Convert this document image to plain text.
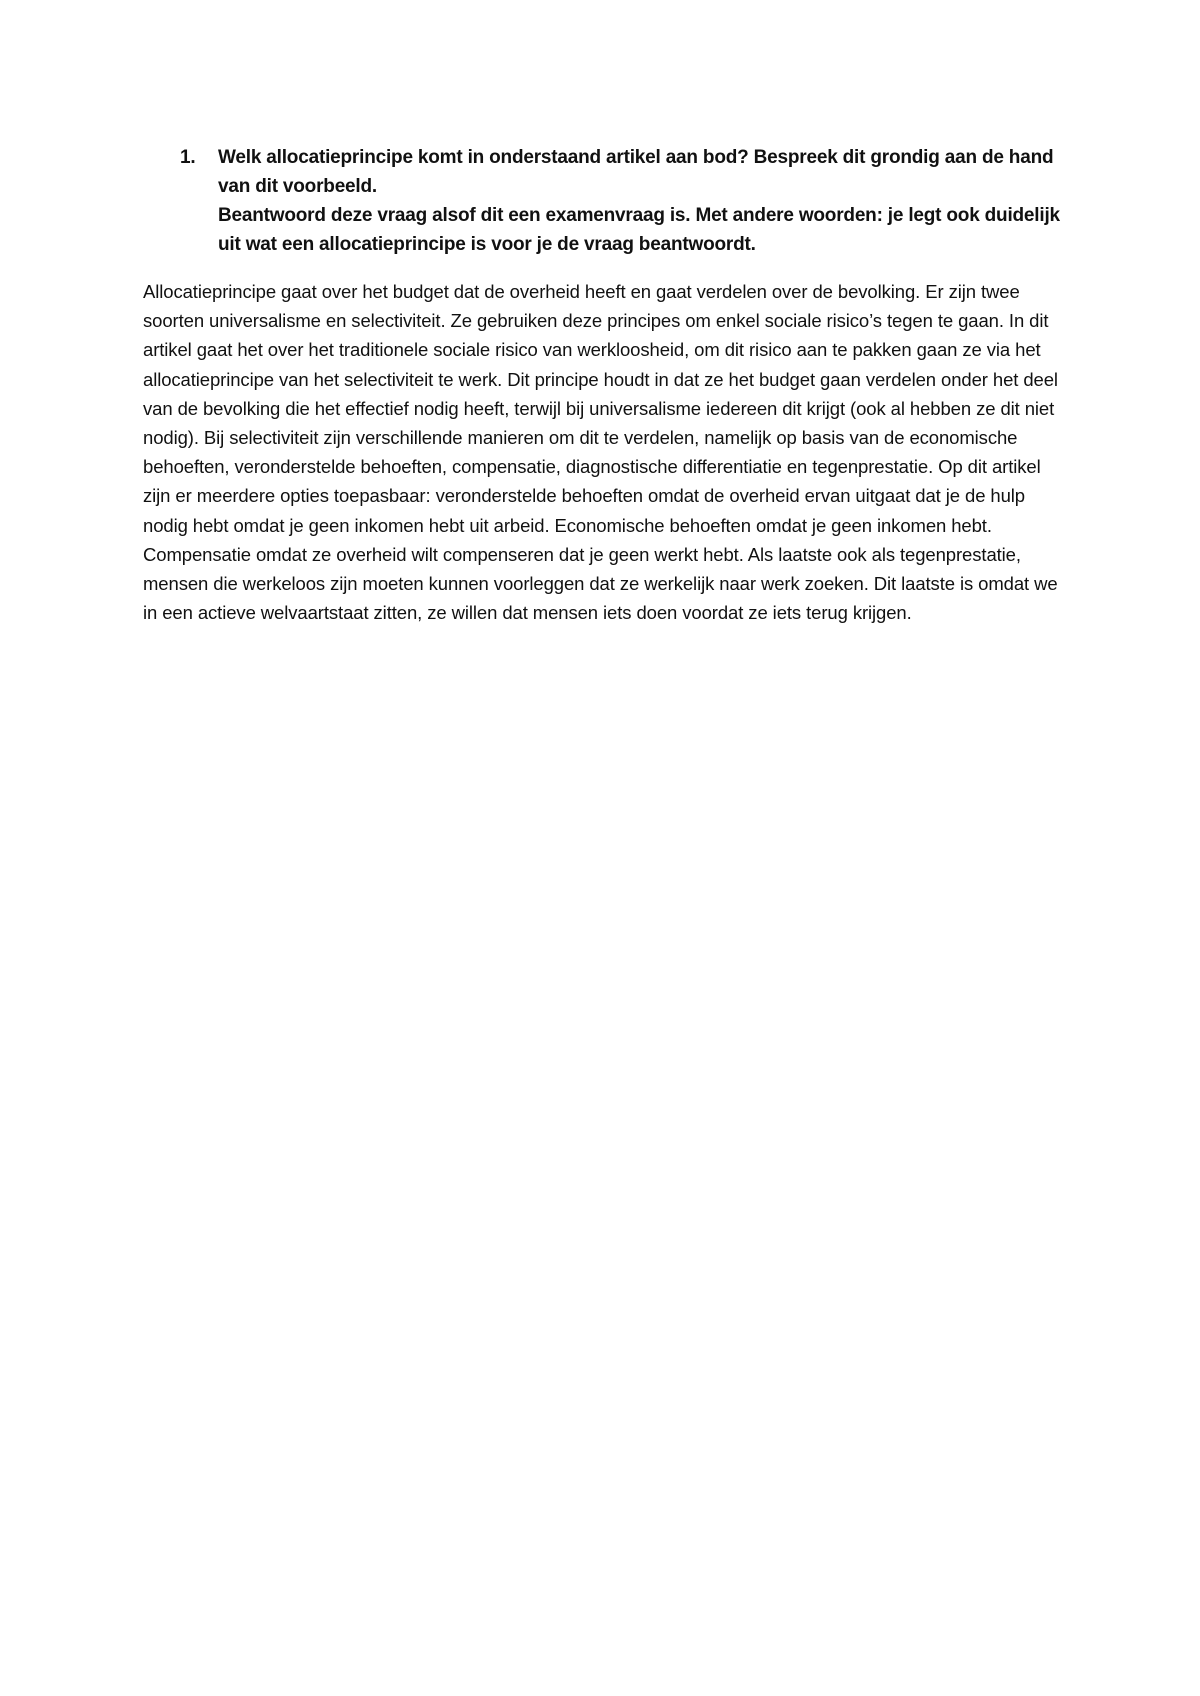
1.	Welk allocatieprincipe komt in onderstaand artikel aan bod? Bespreek dit grondig aan de hand van dit voorbeeld.

Beantwoord deze vraag alsof dit een examenvraag is. Met andere woorden: je legt ook duidelijk uit wat een allocatieprincipe is voor je de vraag beantwoordt.

Allocatieprincipe gaat over het budget dat de overheid heeft en gaat verdelen over de bevolking. Er zijn twee soorten universalisme en selectiviteit. Ze gebruiken deze principes om enkel sociale risico’s tegen te gaan. In dit artikel gaat het over het traditionele sociale risico van werkloosheid, om dit risico aan te pakken gaan ze via het allocatieprincipe van het selectiviteit te werk. Dit principe houdt in dat ze het budget gaan verdelen onder het deel van de bevolking die het effectief nodig heeft, terwijl bij universalisme iedereen dit krijgt (ook al hebben ze dit niet nodig). Bij selectiviteit zijn verschillende manieren om dit te verdelen, namelijk op basis van de economische behoeften, veronderstelde behoeften, compensatie, diagnostische differentiatie en tegenprestatie. Op dit artikel zijn er meerdere opties toepasbaar: veronderstelde behoeften omdat de overheid ervan uitgaat dat je de hulp nodig hebt omdat je geen inkomen hebt uit arbeid. Economische behoeften omdat je geen inkomen hebt. Compensatie omdat ze overheid wilt compenseren dat je geen werkt hebt. Als laatste ook als tegenprestatie, mensen die werkeloos zijn moeten kunnen voorleggen dat ze werkelijk naar werk zoeken. Dit laatste is omdat we in een actieve welvaartstaat zitten, ze willen dat mensen iets doen voordat ze iets terug krijgen.
